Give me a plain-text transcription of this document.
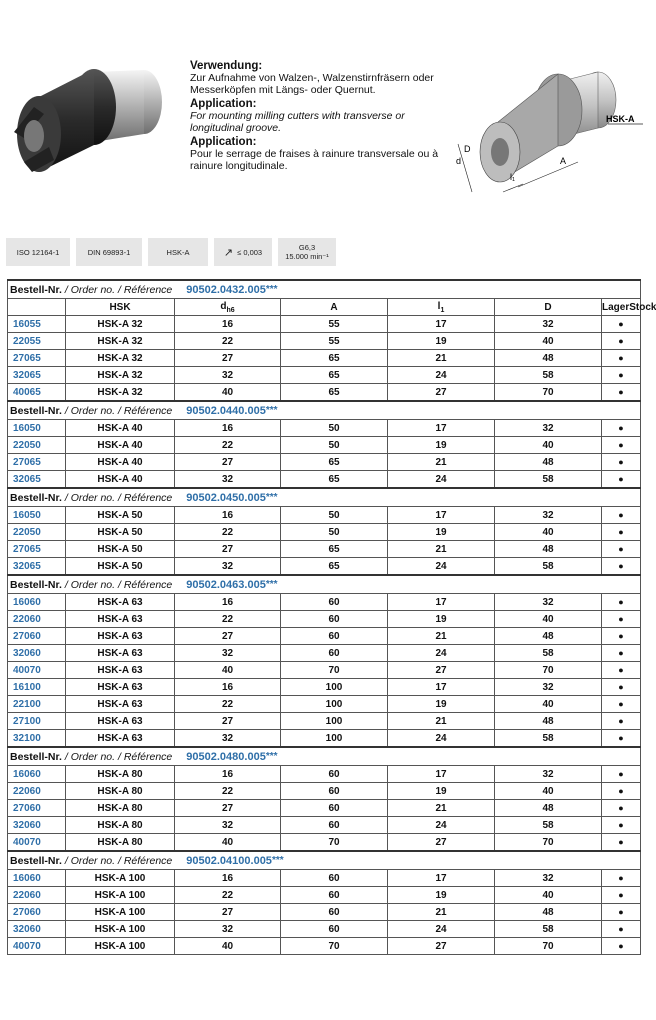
Verwendung:
Zur Aufnahme von Walzen-, Walzenstirnfräsern oder Messerköpfen mit Längs- oder Quernut.
Application:
For mounting milling cutters with transverse or longitudinal groove.
Application:
Pour le serrage de fraises à rainure transversale ou à rainure longitudinale.
HSK-A
d
D
l₁
A
ISO 12164-1	DIN 69893-1	HSK-A	↗ ≤ 0,003	G6,3
15.000 min⁻¹
Bestell-Nr. / Order no. / Référence 90502.0432.005***
	HSK	$d_{h6}$	A	$l_1$	D	LagerStock
16055	HSK-A 32	16	55	17	32	●
22055	HSK-A 32	22	55	19	40	●
27065	HSK-A 32	27	65	21	48	●
32065	HSK-A 32	32	65	24	58	●
40065	HSK-A 32	40	65	27	70	●
Bestell-Nr. / Order no. / Référence 90502.0440.005***
16050	HSK-A 40	16	50	17	32	●
22050	HSK-A 40	22	50	19	40	●
27065	HSK-A 40	27	65	21	48	●
32065	HSK-A 40	32	65	24	58	●
Bestell-Nr. / Order no. / Référence 90502.0450.005***
16050	HSK-A 50	16	50	17	32	●
22050	HSK-A 50	22	50	19	40	●
27065	HSK-A 50	27	65	21	48	●
32065	HSK-A 50	32	65	24	58	●
Bestell-Nr. / Order no. / Référence 90502.0463.005***
16060	HSK-A 63	16	60	17	32	●
22060	HSK-A 63	22	60	19	40	●
27060	HSK-A 63	27	60	21	48	●
32060	HSK-A 63	32	60	24	58	●
40070	HSK-A 63	40	70	27	70	●
16100	HSK-A 63	16	100	17	32	●
22100	HSK-A 63	22	100	19	40	●
27100	HSK-A 63	27	100	21	48	●
32100	HSK-A 63	32	100	24	58	●
Bestell-Nr. / Order no. / Référence 90502.0480.005***
16060	HSK-A 80	16	60	17	32	●
22060	HSK-A 80	22	60	19	40	●
27060	HSK-A 80	27	60	21	48	●
32060	HSK-A 80	32	60	24	58	●
40070	HSK-A 80	40	70	27	70	●
Bestell-Nr. / Order no. / Référence 90502.04100.005***
16060	HSK-A 100	16	60	17	32	●
22060	HSK-A 100	22	60	19	40	●
27060	HSK-A 100	27	60	21	48	●
32060	HSK-A 100	32	60	24	58	●
40070	HSK-A 100	40	70	27	70	●
